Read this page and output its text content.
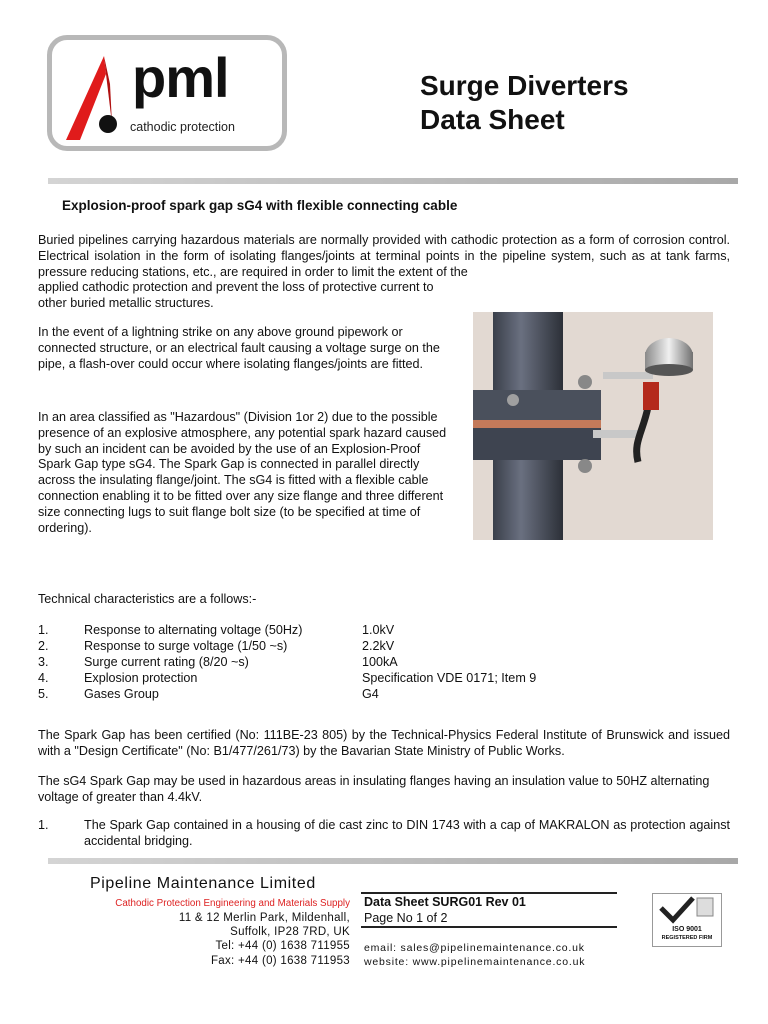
pml
cathodic protection
Surge Diverters
Data Sheet
Explosion-proof spark gap sG4 with flexible connecting cable
Buried pipelines carrying hazardous materials are normally provided with cathodic protection as a form of corrosion control. Electrical isolation in the form of isolating flanges/joints at terminal points in the pipeline system, such as at tank farms, pressure reducing stations, etc., are required in order to limit the extent of the
applied cathodic protection and prevent the loss of protective current to other buried metallic structures.
In the event of a lightning strike on any above ground pipework or connected structure, or an electrical fault causing a voltage surge on the pipe, a flash-over could occur where isolating flanges/joints are fitted.
In an area classified as "Hazardous" (Division 1or 2) due to the possible presence of an explosive atmosphere, any potential spark hazard caused by such an incident can be avoided by the use of an Explosion-Proof Spark Gap type sG4. The Spark Gap is connected in parallel directly across the insulating flange/joint. The sG4 is fitted with a flexible cable connection enabling it to be fitted over any size flange and three different size connecting lugs to suit flange bolt size (to be specified at time of ordering).
Technical characteristics are a follows:-
1.	Response to alternating voltage (50Hz)	1.0kV
2.	Response to surge voltage (1/50 ~s)	2.2kV
3.	Surge current rating (8/20 ~s)	100kA
4.	Explosion protection	Specification VDE 0171; Item 9
5.	Gases Group	G4
The Spark Gap has been certified (No: 111BE-23 805) by the Technical-Physics Federal Institute of Brunswick and issued with a "Design Certificate" (No: B1/477/261/73) by the Bavarian State Ministry of Public Works.
The sG4 Spark Gap may be used in hazardous areas in insulating flanges having an insulation value to 50HZ alternating voltage of greater than 4.4kV.
1.	The Spark Gap contained in a housing of die cast zinc to DIN 1743 with a cap of MAKRALON as protection against accidental bridging.
Pipeline Maintenance Limited
Cathodic Protection Engineering and Materials Supply
11 & 12 Merlin Park, Mildenhall,
Suffolk, IP28 7RD, UK
Tel: +44 (0) 1638 711955
Fax: +44 (0) 1638 711953
Data Sheet SURG01 Rev 01
Page No 1 of 2
email: sales@pipelinemaintenance.co.uk
website: www.pipelinemaintenance.co.uk
ISO 9001
REGISTERED FIRM
